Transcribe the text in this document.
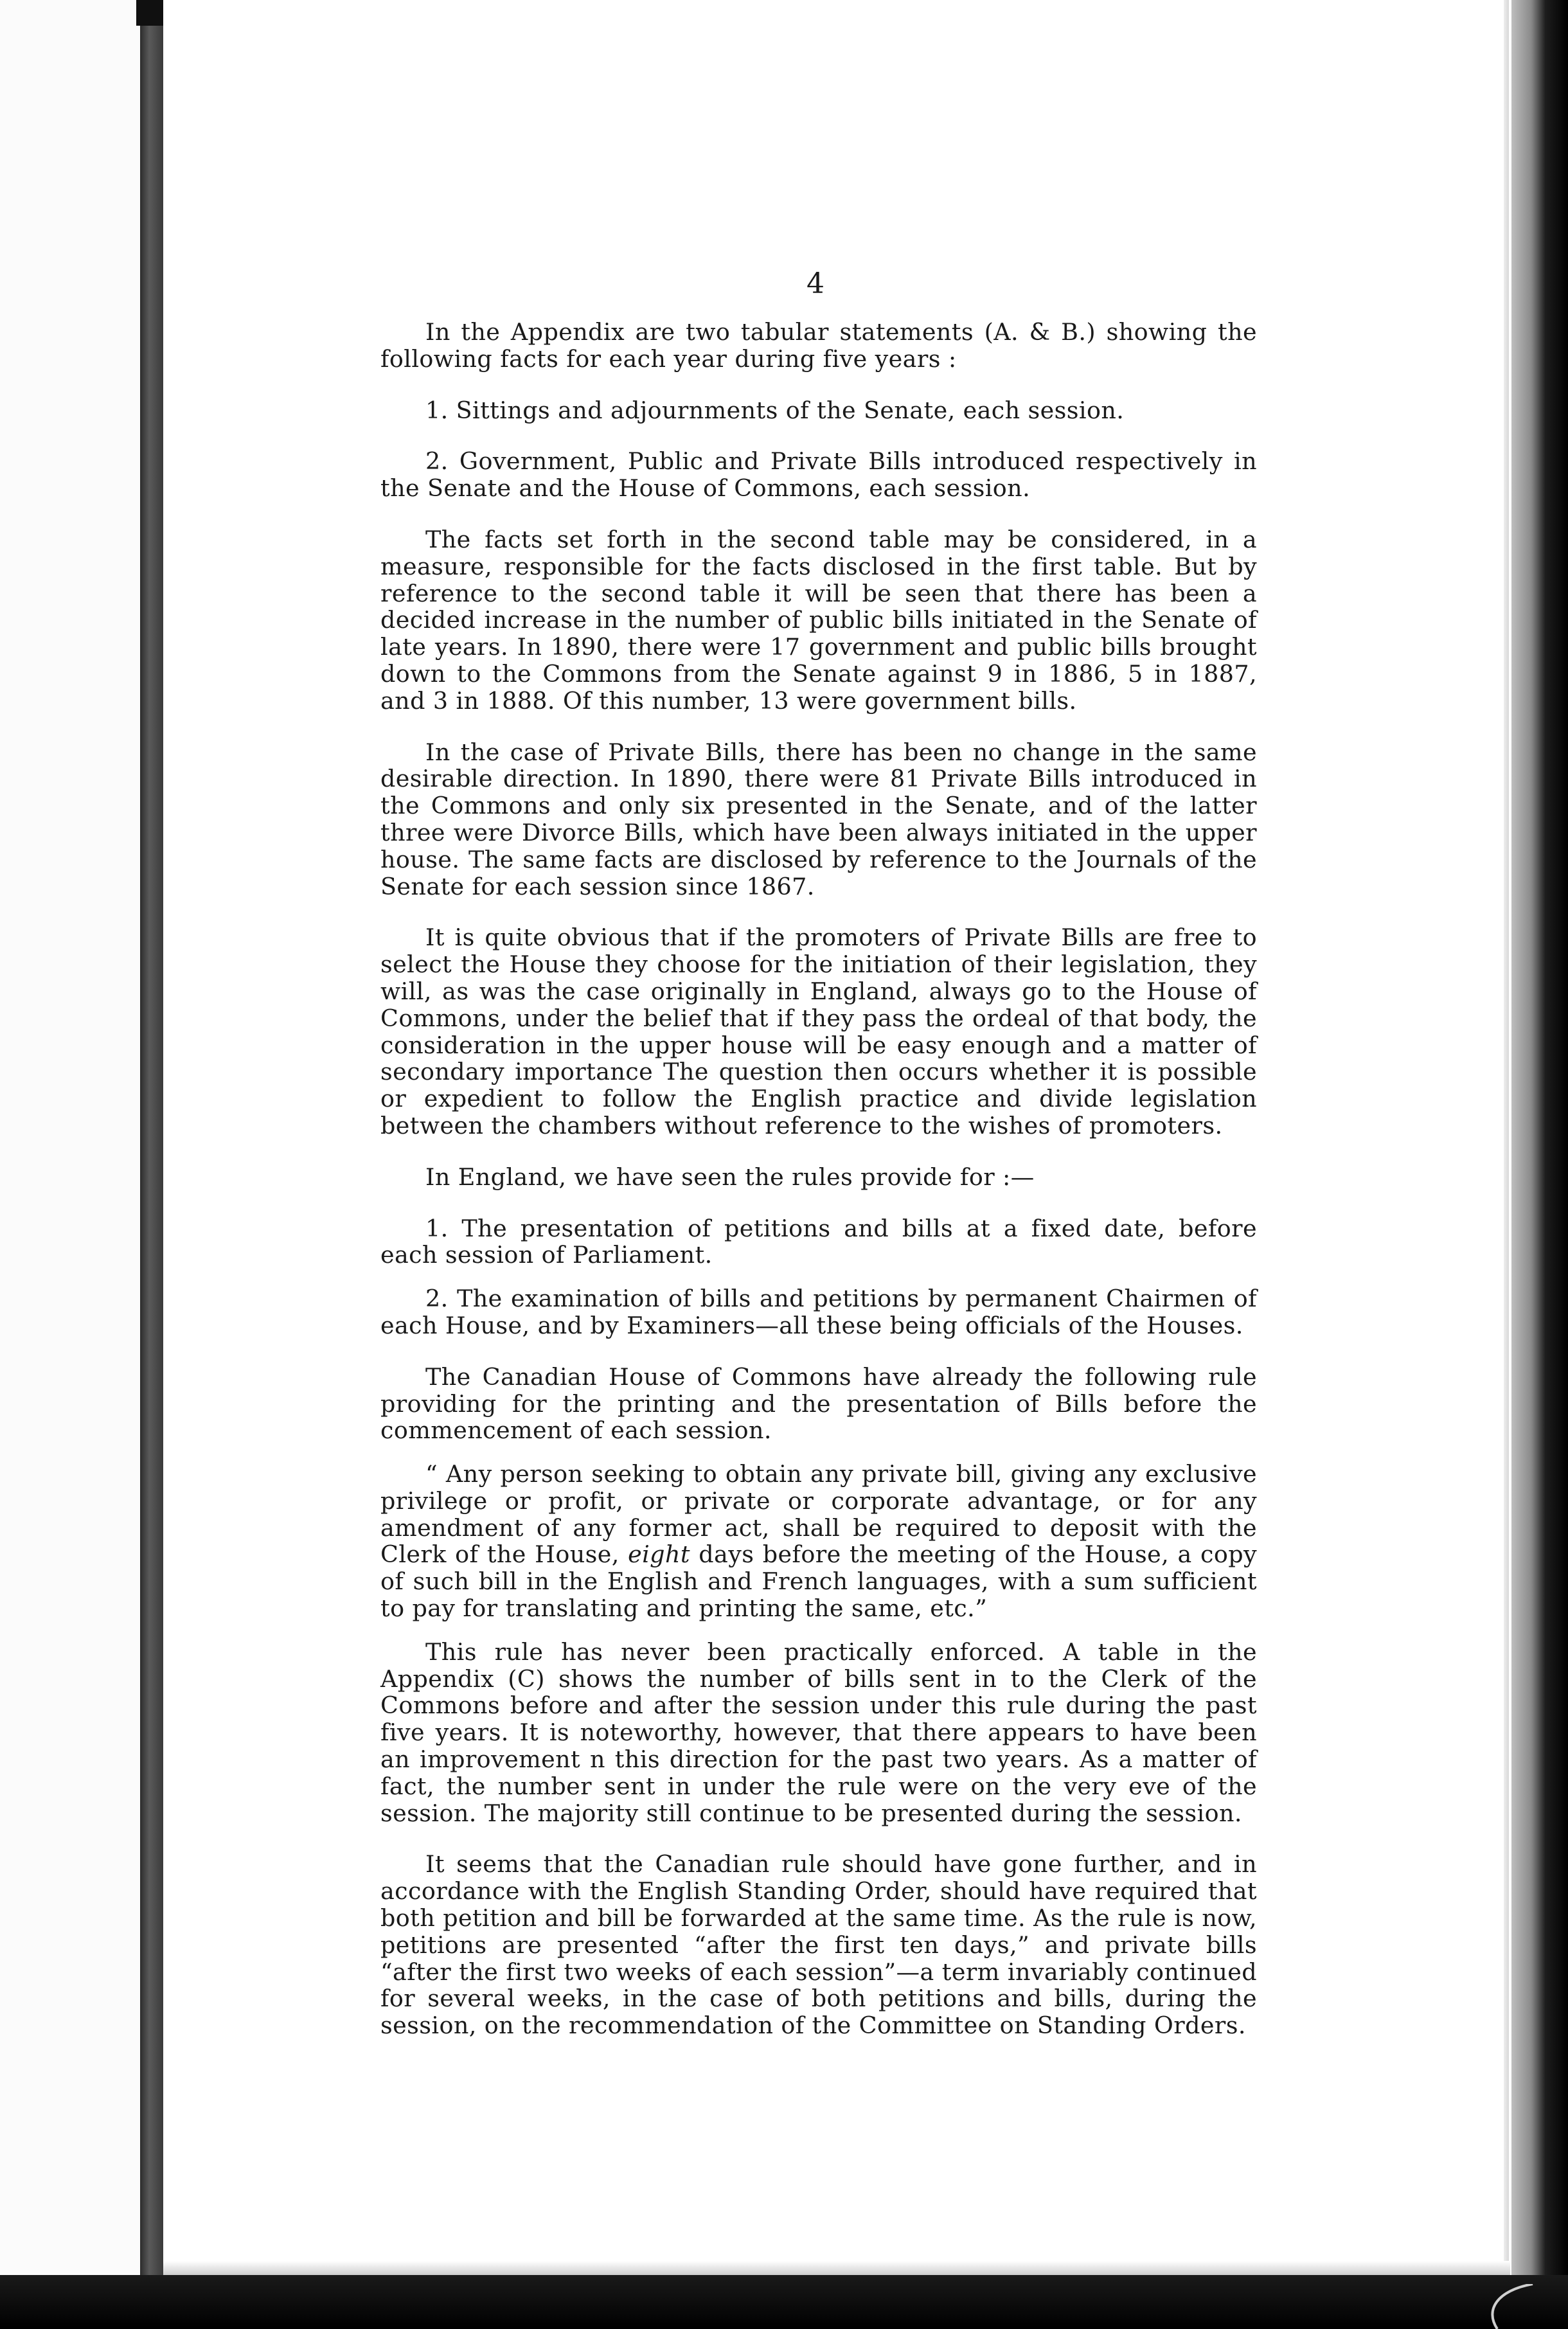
4

In the Appendix are two tabular statements (A. & B.) showing the following facts for each year during five years :

1. Sittings and adjournments of the Senate, each session.

2. Government, Public and Private Bills introduced respectively in the Senate and the House of Commons, each session.

The facts set forth in the second table may be considered, in a measure, responsible for the facts disclosed in the first table. But by reference to the second table it will be seen that there has been a decided increase in the number of public bills initiated in the Senate of late years. In 1890, there were 17 government and public bills brought down to the Commons from the Senate against 9 in 1886, 5 in 1887, and 3 in 1888. Of this number, 13 were government bills.

In the case of Private Bills, there has been no change in the same desirable direction. In 1890, there were 81 Private Bills introduced in the Commons and only six presented in the Senate, and of the latter three were Divorce Bills, which have been always initiated in the upper house. The same facts are disclosed by reference to the Journals of the Senate for each session since 1867.

It is quite obvious that if the promoters of Private Bills are free to select the House they choose for the initiation of their legislation, they will, as was the case originally in England, always go to the House of Commons, under the belief that if they pass the ordeal of that body, the consideration in the upper house will be easy enough and a matter of secondary importance The question then occurs whether it is possible or expedient to follow the English practice and divide legislation between the chambers without reference to the wishes of promoters.

In England, we have seen the rules provide for :—

1. The presentation of petitions and bills at a fixed date, before each session of Parliament.

2. The examination of bills and petitions by permanent Chairmen of each House, and by Examiners—all these being officials of the Houses.

The Canadian House of Commons have already the following rule providing for the printing and the presentation of Bills before the commencement of each session.

“ Any person seeking to obtain any private bill, giving any exclusive privilege or profit, or private or corporate advantage, or for any amendment of any former act, shall be required to deposit with the Clerk of the House, eight days before the meeting of the House, a copy of such bill in the English and French languages, with a sum sufficient to pay for translating and printing the same, etc.”

This rule has never been practically enforced. A table in the Appendix (C) shows the number of bills sent in to the Clerk of the Commons before and after the session under this rule during the past five years. It is noteworthy, however, that there appears to have been an improvement n this direction for the past two years. As a matter of fact, the number sent in under the rule were on the very eve of the session. The majority still continue to be presented during the session.

It seems that the Canadian rule should have gone further, and in accordance with the English Standing Order, should have required that both petition and bill be forwarded at the same time. As the rule is now, petitions are presented “after the first ten days,” and private bills “after the first two weeks of each session”—a term invariably continued for several weeks, in the case of both petitions and bills, during the session, on the recommendation of the Committee on Standing Orders.
